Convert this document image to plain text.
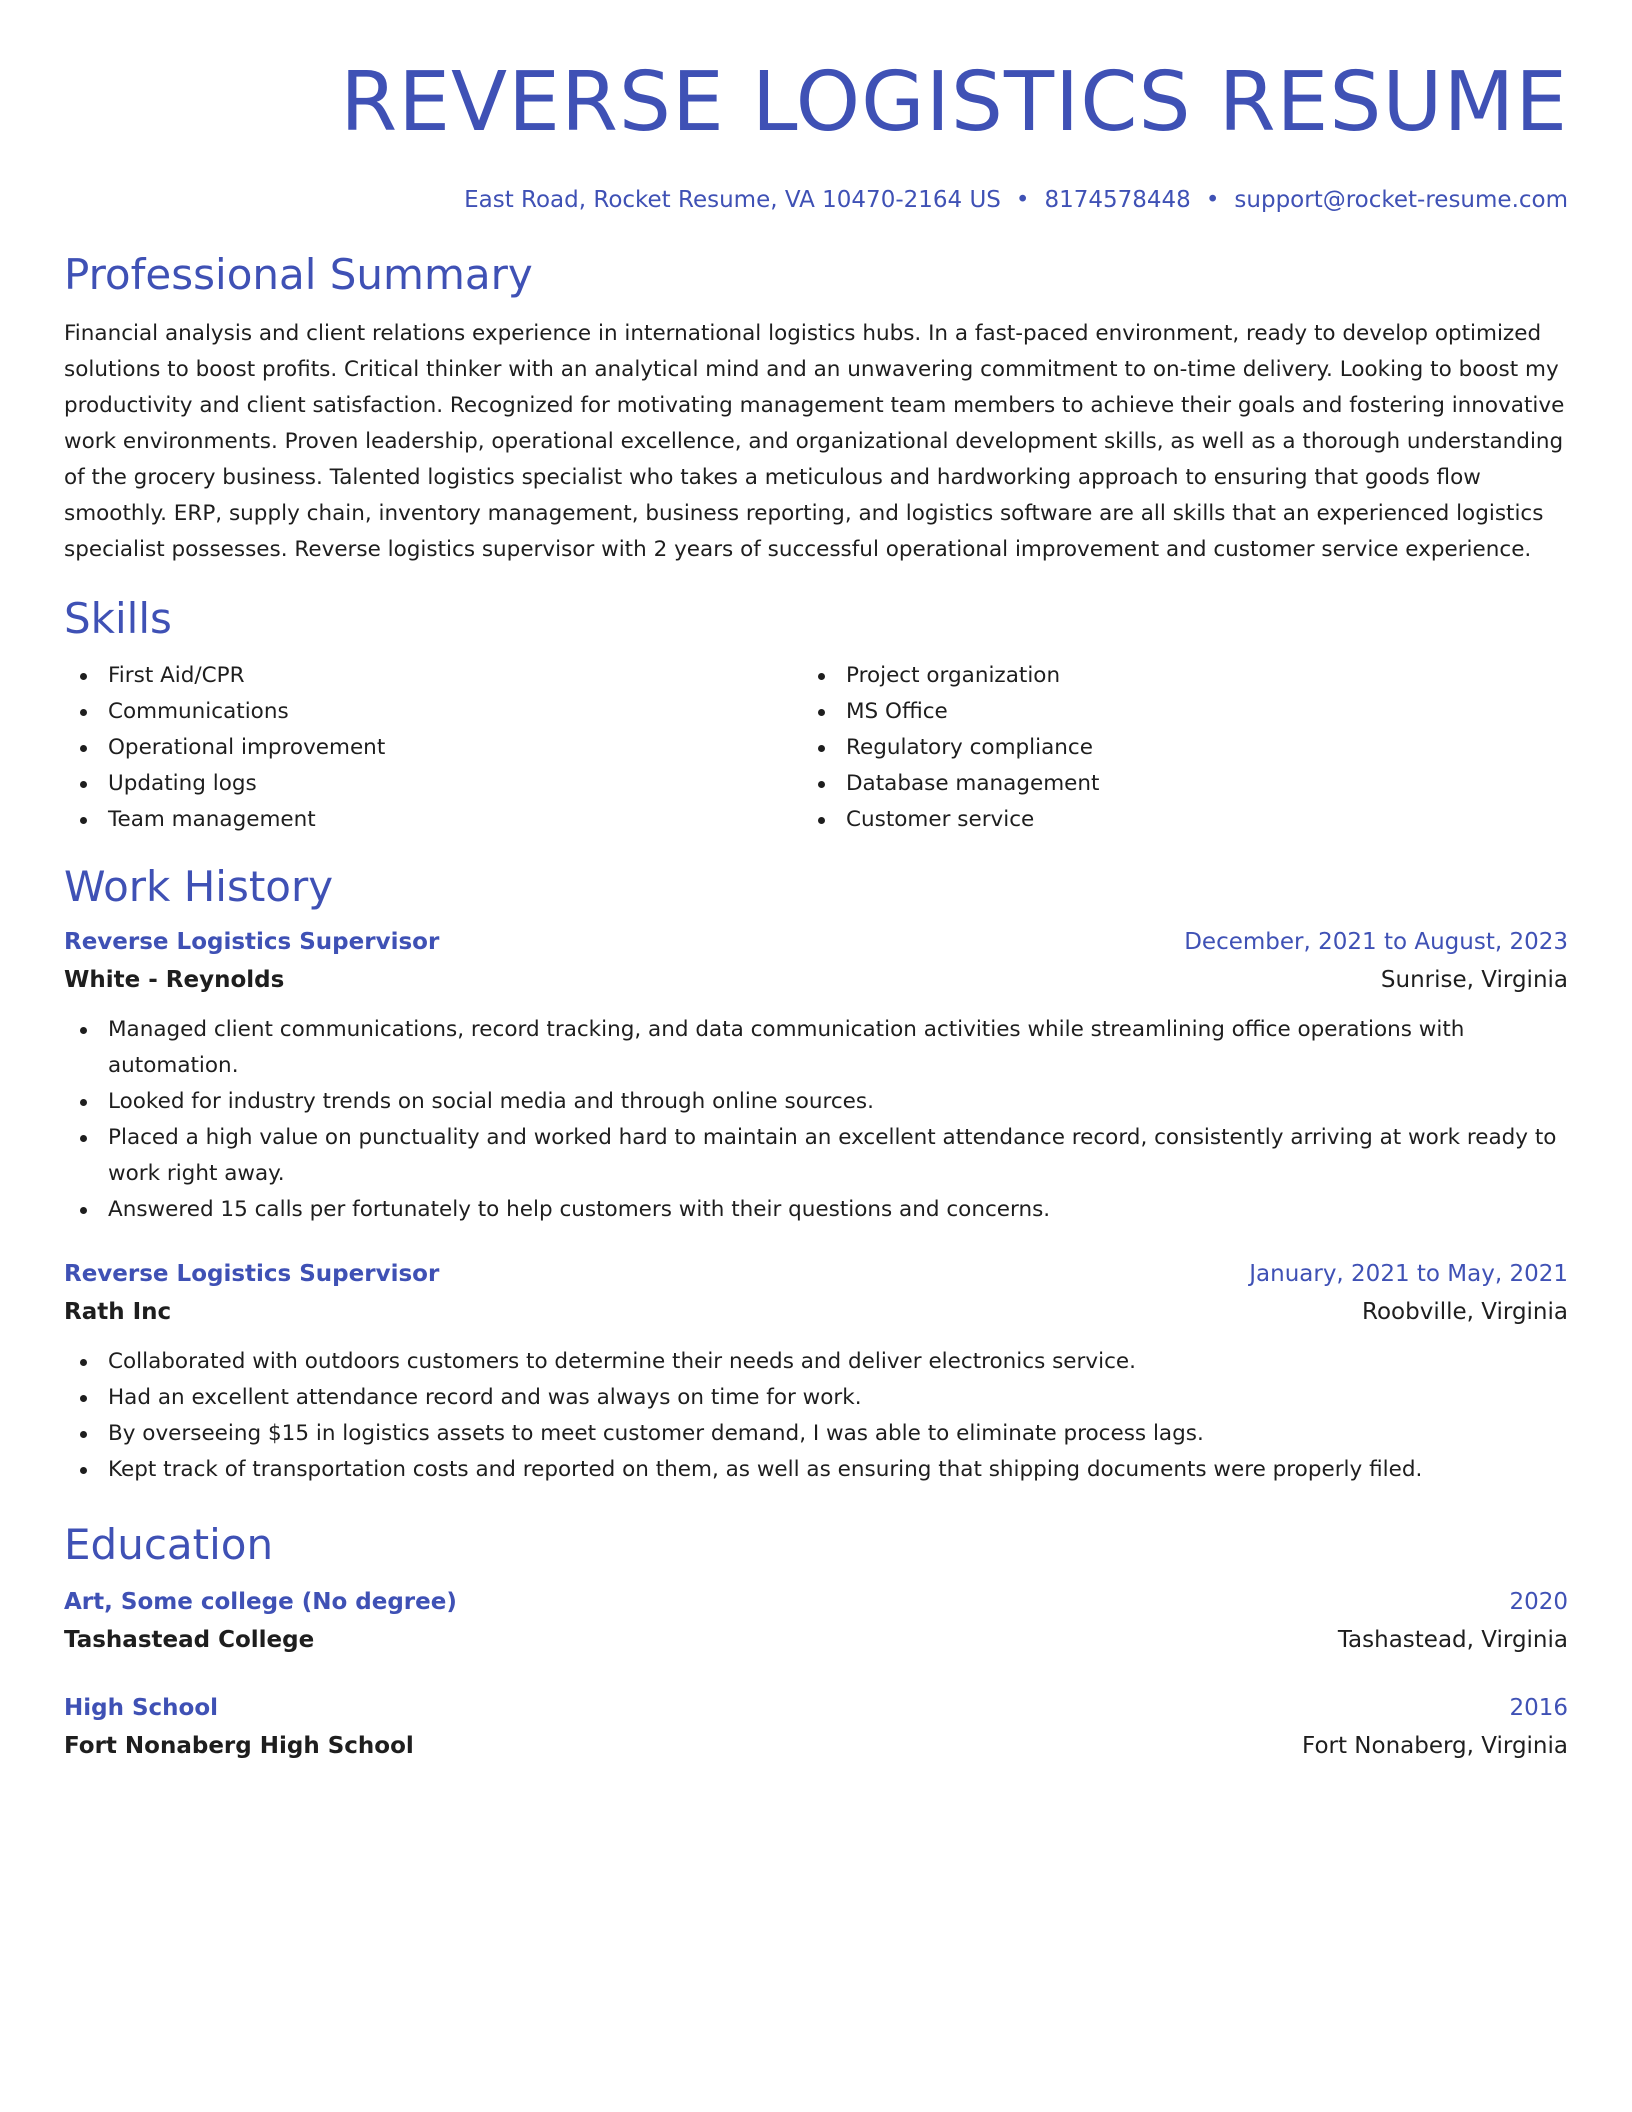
REVERSE LOGISTICS RESUME
East Road, Rocket Resume, VA 10470-2164 US • 8174578448 • support@rocket-resume.com
Professional Summary

Financial analysis and client relations experience in international logistics hubs. In a fast-paced environment, ready to develop optimized solutions to boost profits. Critical thinker with an analytical mind and an unwavering commitment to on-time delivery. Looking to boost my productivity and client satisfaction. Recognized for motivating management team members to achieve their goals and fostering innovative work environments. Proven leadership, operational excellence, and organizational development skills, as well as a thorough understanding of the grocery business. Talented logistics specialist who takes a meticulous and hardworking approach to ensuring that goods flow smoothly. ERP, supply chain, inventory management, business reporting, and logistics software are all skills that an experienced logistics specialist possesses. Reverse logistics supervisor with 2 years of successful operational improvement and customer service experience.

Skills
First Aid/CPR
Communications
Operational improvement
Updating logs
Team management
Project organization
MS Office
Regulatory compliance
Database management
Customer service
Work History
Reverse Logistics Supervisor	December, 2021 to August, 2023
White - Reynolds	Sunrise, Virginia
Managed client communications, record tracking, and data communication activities while streamlining office operations with automation.
Looked for industry trends on social media and through online sources.
Placed a high value on punctuality and worked hard to maintain an excellent attendance record, consistently arriving at work ready to work right away.
Answered 15 calls per fortunately to help customers with their questions and concerns.
Reverse Logistics Supervisor	January, 2021 to May, 2021
Rath Inc	Roobville, Virginia
Collaborated with outdoors customers to determine their needs and deliver electronics service.
Had an excellent attendance record and was always on time for work.
By overseeing $15 in logistics assets to meet customer demand, I was able to eliminate process lags.
Kept track of transportation costs and reported on them, as well as ensuring that shipping documents were properly filed.
Education
Art, Some college (No degree)	2020
Tashastead College	Tashastead, Virginia
High School	2016
Fort Nonaberg High School	Fort Nonaberg, Virginia
